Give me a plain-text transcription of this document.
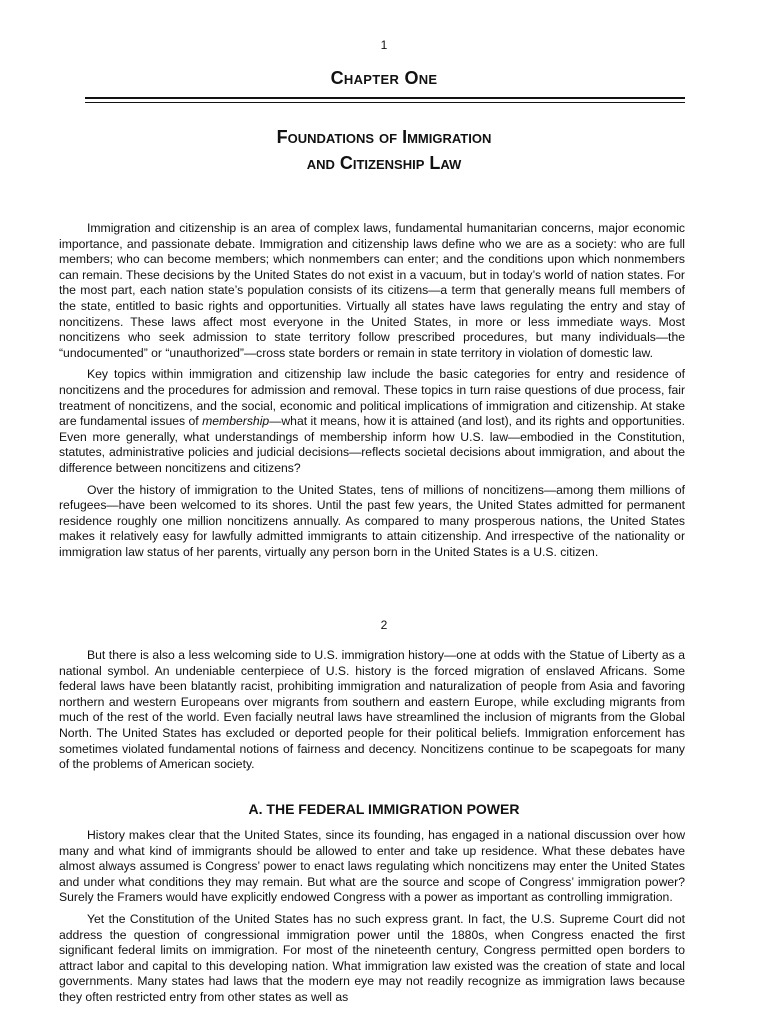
1
Chapter One
Foundations of Immigration
and Citizenship Law

Immigration and citizenship is an area of complex laws, fundamental humanitarian concerns, major economic importance, and passionate debate. Immigration and citizenship laws define who we are as a society: who are full members; who can become members; which nonmembers can enter; and the conditions upon which nonmembers can remain. These decisions by the United States do not exist in a vacuum, but in today’s world of nation states. For the most part, each nation state’s population consists of its citizens—a term that generally means full members of the state, entitled to basic rights and opportunities. Virtually all states have laws regulating the entry and stay of noncitizens. These laws affect most everyone in the United States, in more or less immediate ways. Most noncitizens who seek admission to state territory follow prescribed procedures, but many individuals—the “undocumented” or “unauthorized”—cross state borders or remain in state territory in violation of domestic law.

Key topics within immigration and citizenship law include the basic categories for entry and residence of noncitizens and the procedures for admission and removal. These topics in turn raise questions of due process, fair treatment of noncitizens, and the social, economic and political implications of immigration and citizenship. At stake are fundamental issues of membership—what it means, how it is attained (and lost), and its rights and opportunities. Even more generally, what understandings of membership inform how U.S. law—embodied in the Constitution, statutes, administrative policies and judicial decisions—reflects societal decisions about immigration, and about the difference between noncitizens and citizens?

Over the history of immigration to the United States, tens of millions of noncitizens—among them millions of refugees—have been welcomed to its shores. Until the past few years, the United States admitted for permanent residence roughly one million noncitizens annually. As compared to many prosperous nations, the United States makes it relatively easy for lawfully admitted immigrants to attain citizenship. And irrespective of the nationality or immigration law status of her parents, virtually any person born in the United States is a U.S. citizen.

2

But there is also a less welcoming side to U.S. immigration history—one at odds with the Statue of Liberty as a national symbol. An undeniable centerpiece of U.S. history is the forced migration of enslaved Africans. Some federal laws have been blatantly racist, prohibiting immigration and naturalization of people from Asia and favoring northern and western Europeans over migrants from southern and eastern Europe, while excluding migrants from much of the rest of the world. Even facially neutral laws have streamlined the inclusion of migrants from the Global North. The United States has excluded or deported people for their political beliefs. Immigration enforcement has sometimes violated fundamental notions of fairness and decency. Noncitizens continue to be scapegoats for many of the problems of American society.

A. THE FEDERAL IMMIGRATION POWER

History makes clear that the United States, since its founding, has engaged in a national discussion over how many and what kind of immigrants should be allowed to enter and take up residence. What these debates have almost always assumed is Congress’ power to enact laws regulating which noncitizens may enter the United States and under what conditions they may remain. But what are the source and scope of Congress’ immigration power? Surely the Framers would have explicitly endowed Congress with a power as important as controlling immigration.

Yet the Constitution of the United States has no such express grant. In fact, the U.S. Supreme Court did not address the question of congressional immigration power until the 1880s, when Congress enacted the first significant federal limits on immigration. For most of the nineteenth century, Congress permitted open borders to attract labor and capital to this developing nation. What immigration law existed was the creation of state and local governments. Many states had laws that the modern eye may not readily recognize as immigration laws because they often restricted entry from other states as well as
